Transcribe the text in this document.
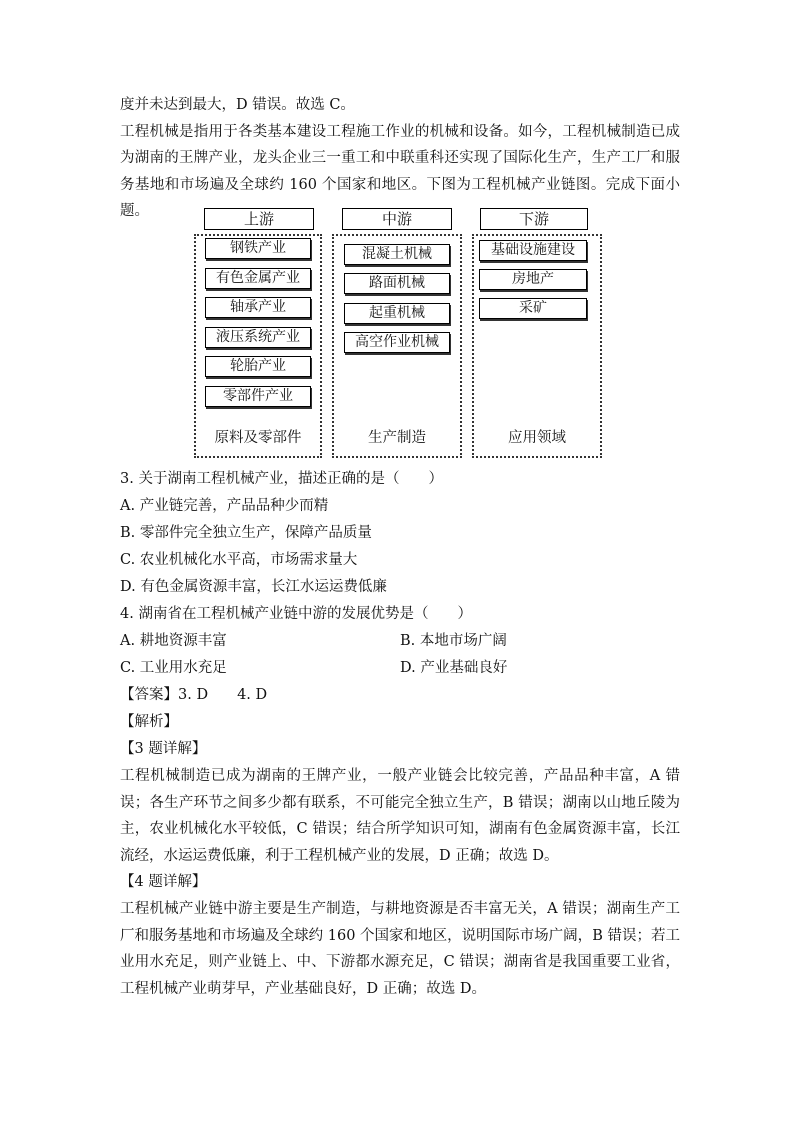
度并未达到最大，D 错误。故选 C。

工程机械是指用于各类基本建设工程施工作业的机械和设备。如今，工程机械制造已成为湖南的王牌产业，龙头企业三一重工和中联重科还实现了国际化生产，生产工厂和服务基地和市场遍及全球约 160 个国家和地区。下图为工程机械产业链图。完成下面小题。	上游
钢铁产业
有色金属产业
轴承产业
液压系统产业
轮胎产业
零部件产业
原料及零部件
中游
混凝土机械
路面机械
起重机械
高空作业机械
生产制造
下游
基础设施建设
房地产
采矿
应用领域

3. 关于湖南工程机械产业，描述正确的是（　　）

A. 产业链完善，产品品种少而精

B. 零部件完全独立生产，保障产品质量

C. 农业机械化水平高，市场需求量大

D. 有色金属资源丰富，长江水运运费低廉

4. 湖南省在工程机械产业链中游的发展优势是（　　）

A. 耕地资源丰富	B. 本地市场广阔
C. 工业用水充足	D. 产业基础良好

【答案】3. D　　4. D

【解析】

【3 题详解】

工程机械制造已成为湖南的王牌产业，一般产业链会比较完善，产品品种丰富，A 错误；各生产环节之间多少都有联系，不可能完全独立生产，B 错误；湖南以山地丘陵为主，农业机械化水平较低，C 错误；结合所学知识可知，湖南有色金属资源丰富，长江流经，水运运费低廉，利于工程机械产业的发展，D 正确；故选 D。

【4 题详解】

工程机械产业链中游主要是生产制造，与耕地资源是否丰富无关，A 错误；湖南生产工厂和服务基地和市场遍及全球约 160 个国家和地区，说明国际市场广阔，B 错误；若工业用水充足，则产业链上、中、下游都水源充足，C 错误；湖南省是我国重要工业省，工程机械产业萌芽早，产业基础良好，D 正确；故选 D。
